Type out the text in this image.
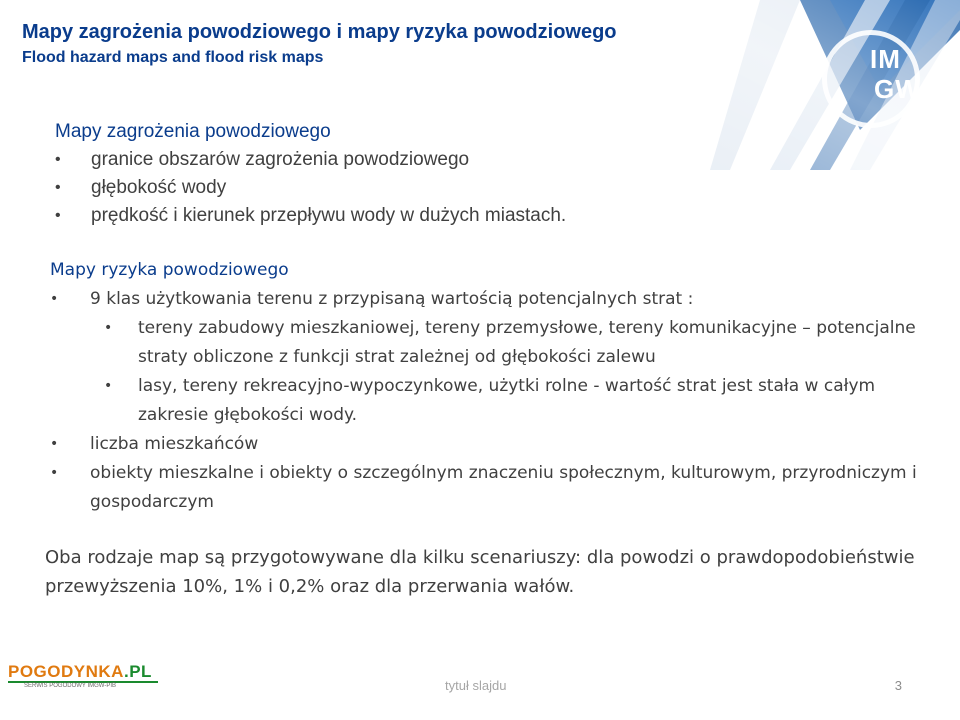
IM
GW

Mapy zagrożenia powodziowego i mapy ryzyka powodziowego

Flood hazard maps and flood risk maps

Mapy zagrożenia powodziowego

• granice obszarów zagrożenia powodziowego
• głębokość wody
• prędkość i kierunek przepływu wody w dużych miastach.

Mapy ryzyka powodziowego

• 9 klas użytkowania terenu z przypisaną wartością potencjalnych strat :
• tereny zabudowy mieszkaniowej, tereny przemysłowe, tereny komunikacyjne – potencjalne straty obliczone z funkcji strat zależnej od głębokości zalewu
• lasy, tereny rekreacyjno-wypoczynkowe, użytki rolne - wartość strat jest stała w całym zakresie głębokości wody.
• liczba mieszkańców
• obiekty mieszkalne i obiekty o szczególnym znaczeniu społecznym, kulturowym, przyrodniczym i gospodarczym

Oba rodzaje map są przygotowywane dla kilku scenariuszy: dla powodzi o prawdopodobieństwie przewyższenia 10%, 1% i 0,2% oraz dla przerwania wałów.

POGODYNKA.PL
SERWIS POGODOWY IMGW-PIB	tytuł slajdu	3
